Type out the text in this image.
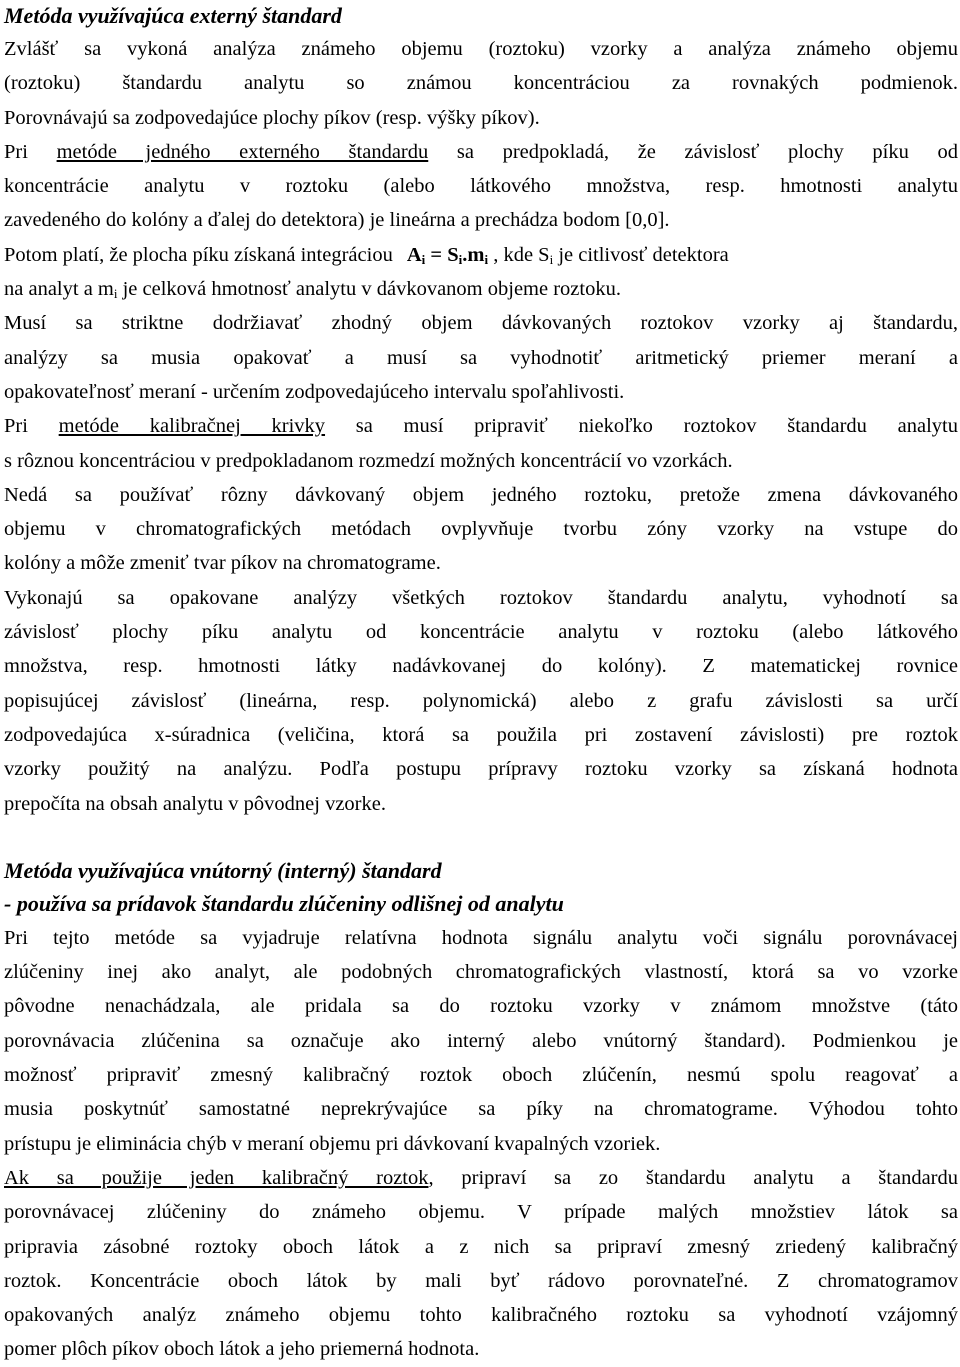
Metóda využívajúca externý štandard
Zvlášť sa vykoná analýza známeho objemu (roztoku) vzorky a analýza známeho objemu
(roztoku) štandardu analytu so známou koncentráciou za rovnakých podmienok.
Porovnávajú sa zodpovedajúce plochy píkov (resp. výšky píkov).
Pri metóde jedného externého štandardu sa predpokladá, že závislosť plochy píku od
koncentrácie analytu v roztoku (alebo látkového množstva, resp. hmotnosti analytu
zavedeného do kolóny a ďalej do detektora) je lineárna a prechádza bodom [0,0].
Potom platí, že plocha píku získaná integráciou $A_i = S_i.m_i$ , kde $S_i$ je citlivosť detektora
na analyt a $m_i$ je celková hmotnosť analytu v dávkovanom objeme roztoku.
Musí sa striktne dodržiavať zhodný objem dávkovaných roztokov vzorky aj štandardu,
analýzy sa musia opakovať a musí sa vyhodnotiť aritmetický priemer meraní a
opakovateľnosť meraní - určením zodpovedajúceho intervalu spoľahlivosti.
Pri metóde kalibračnej krivky sa musí pripraviť niekoľko roztokov štandardu analytu
s rôznou koncentráciou v predpokladanom rozmedzí možných koncentrácií vo vzorkách.
Nedá sa používať rôzny dávkovaný objem jedného roztoku, pretože zmena dávkovaného
objemu v chromatografických metódach ovplyvňuje tvorbu zóny vzorky na vstupe do
kolóny a môže zmeniť tvar píkov na chromatograme.
Vykonajú sa opakovane analýzy všetkých roztokov štandardu analytu, vyhodnotí sa
závislosť plochy píku analytu od koncentrácie analytu v roztoku (alebo látkového
množstva, resp. hmotnosti látky nadávkovanej do kolóny). Z matematickej rovnice
popisujúcej závislosť (lineárna, resp. polynomická) alebo z grafu závislosti sa určí
zodpovedajúca x-súradnica (veličina, ktorá sa použila pri zostavení závislosti) pre roztok
vzorky použitý na analýzu. Podľa postupu prípravy roztoku vzorky sa získaná hodnota
prepočíta na obsah analytu v pôvodnej vzorke.
Metóda využívajúca vnútorný (interný) štandard
- používa sa prídavok štandardu zlúčeniny odlišnej od analytu
Pri tejto metóde sa vyjadruje relatívna hodnota signálu analytu voči signálu porovnávacej
zlúčeniny inej ako analyt, ale podobných chromatografických vlastností, ktorá sa vo vzorke
pôvodne nenachádzala, ale pridala sa do roztoku vzorky v známom množstve (táto
porovnávacia zlúčenina sa označuje ako interný alebo vnútorný štandard). Podmienkou je
možnosť pripraviť zmesný kalibračný roztok oboch zlúčenín, nesmú spolu reagovať a
musia poskytnúť samostatné neprekrývajúce sa píky na chromatograme. Výhodou tohto
prístupu je eliminácia chýb v meraní objemu pri dávkovaní kvapalných vzoriek.
Ak sa použije jeden kalibračný roztok, pripraví sa zo štandardu analytu a štandardu
porovnávacej zlúčeniny do známeho objemu. V prípade malých množstiev látok sa
pripravia zásobné roztoky oboch látok a z nich sa pripraví zmesný zriedený kalibračný
roztok. Koncentrácie oboch látok by mali byť rádovo porovnateľné. Z chromatogramov
opakovaných analýz známeho objemu tohto kalibračného roztoku sa vyhodnotí vzájomný
pomer plôch píkov oboch látok a jeho priemerná hodnota.
